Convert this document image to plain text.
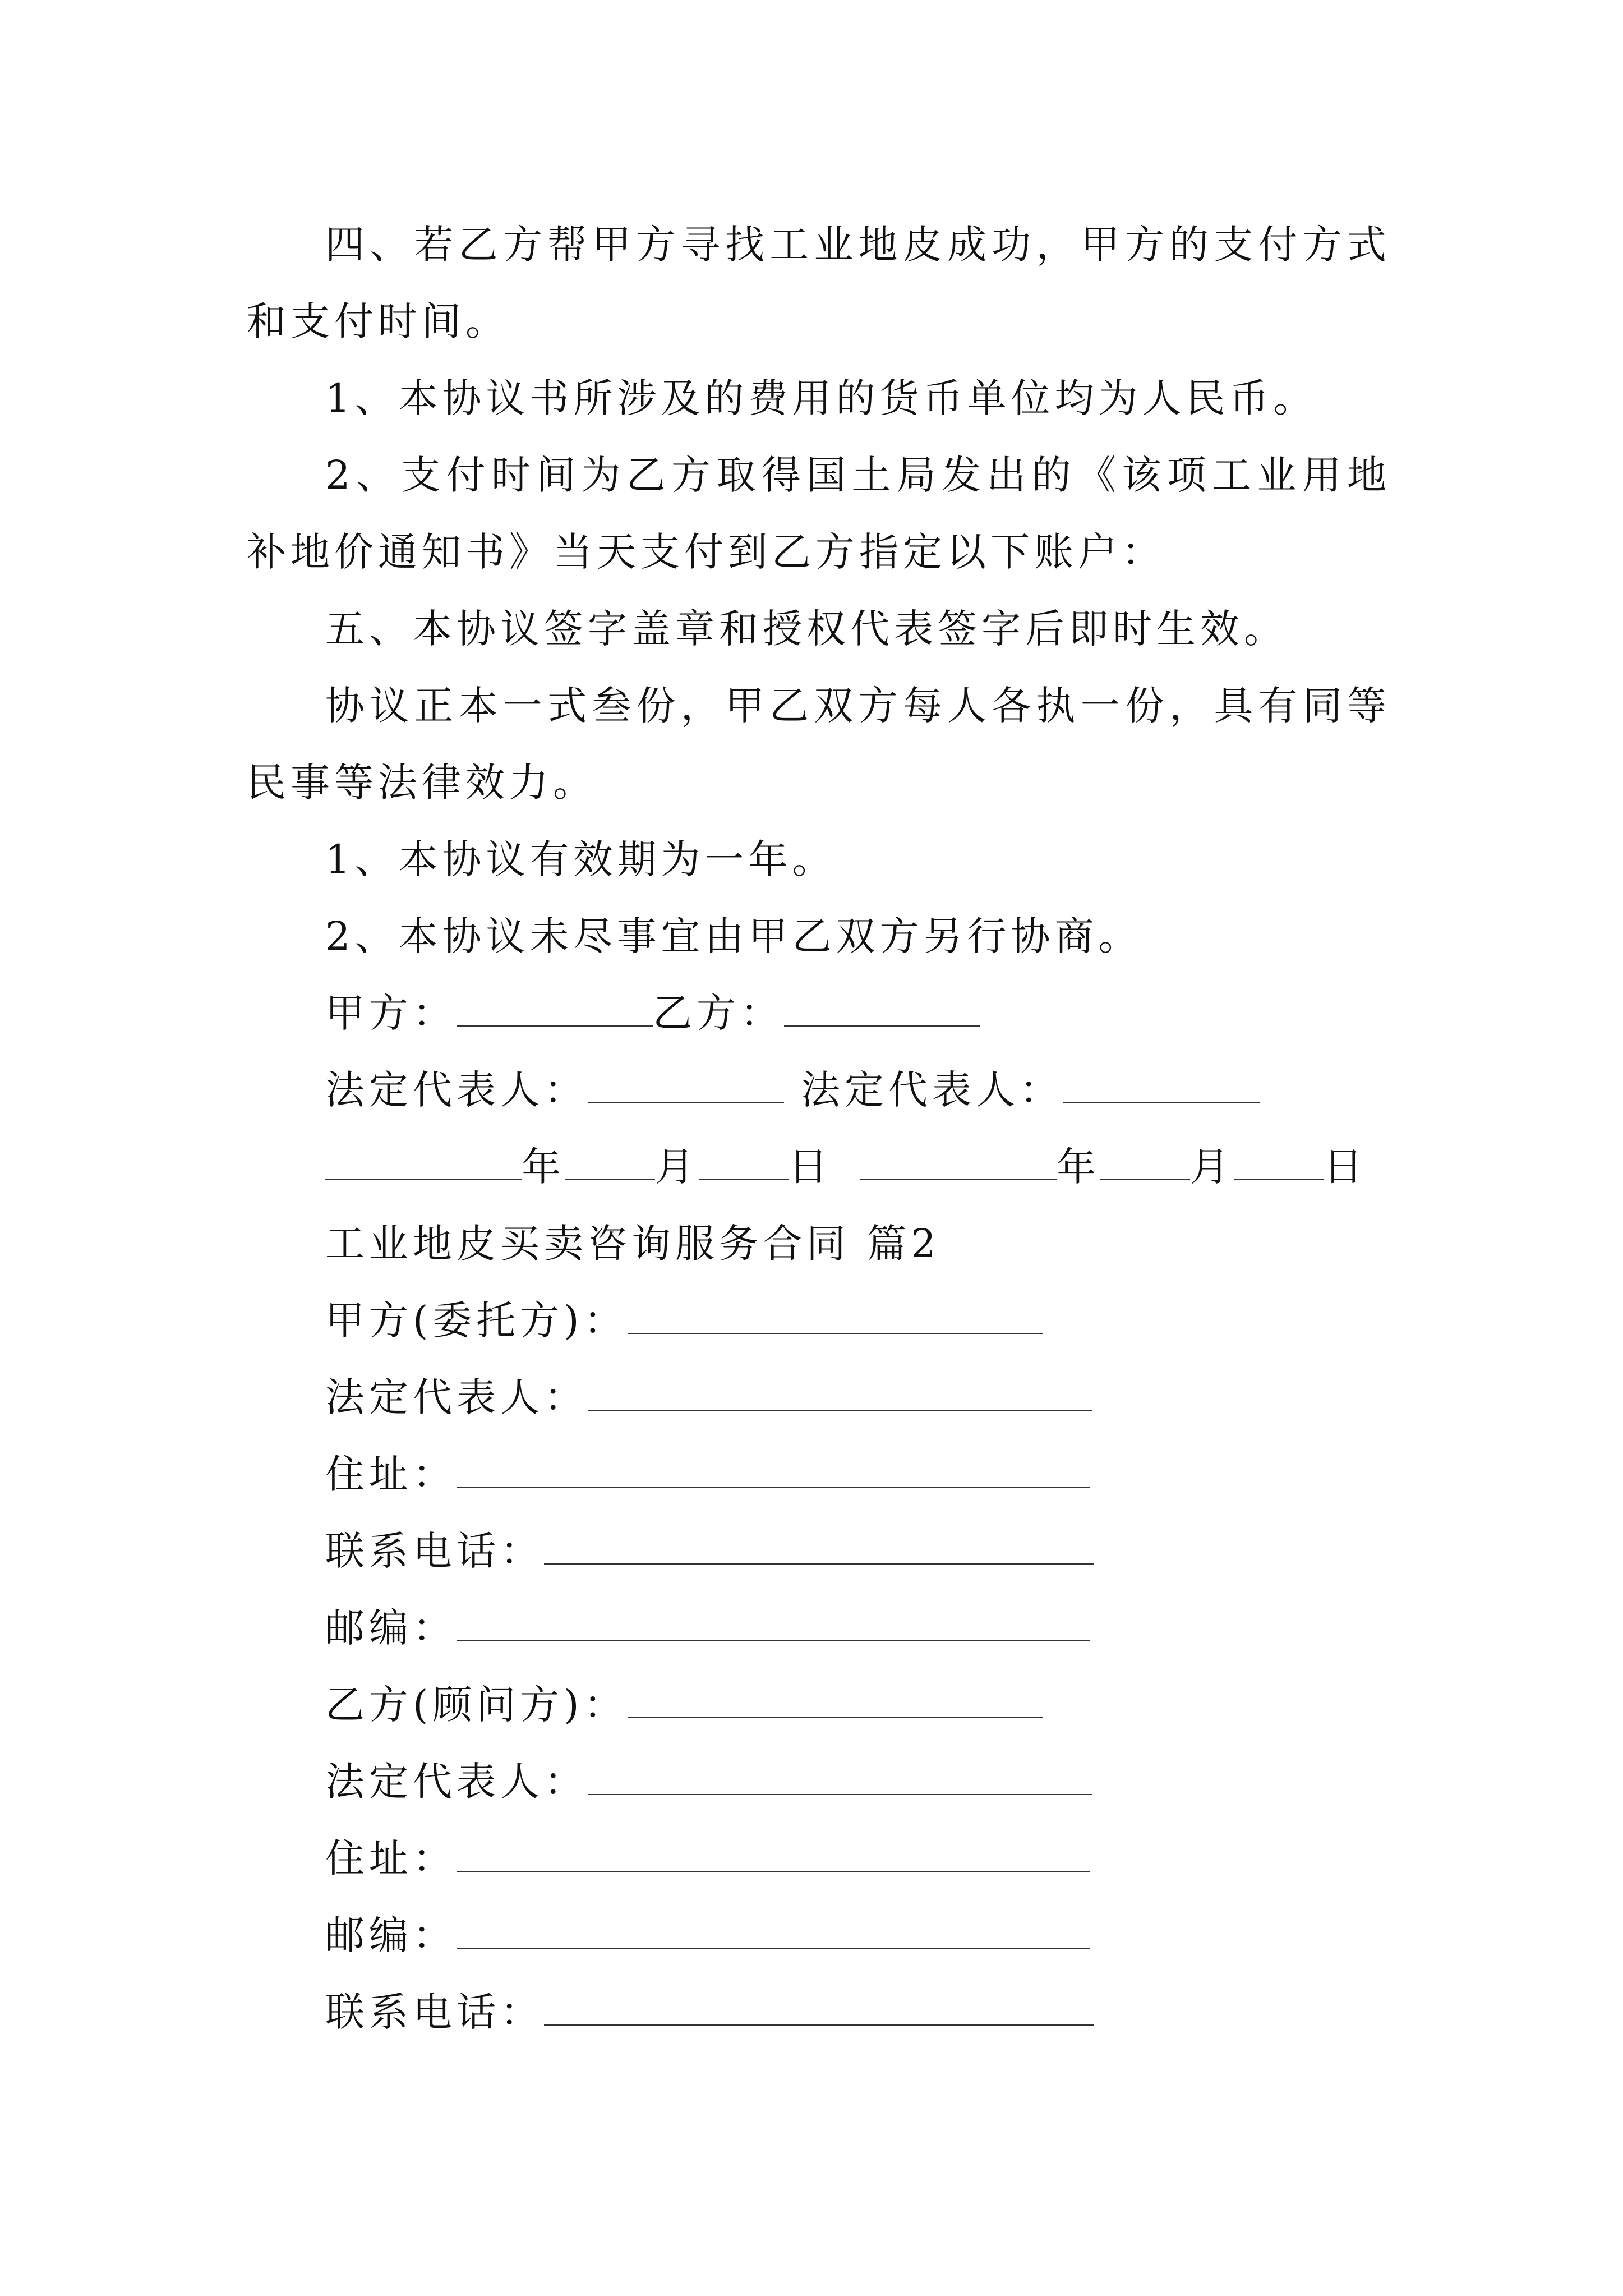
四、若乙方帮甲方寻找工业地皮成功，甲方的支付方式和支付时间。

1、本协议书所涉及的费用的货币单位均为人民币。

2、支付时间为乙方取得国土局发出的《该项工业用地补地价通知书》当天支付到乙方指定以下账户：

五、本协议签字盖章和授权代表签字后即时生效。

协议正本一式叁份，甲乙双方每人各执一份，具有同等民事等法律效力。

1、本协议有效期为一年。

2、本协议未尽事宜由甲乙双方另行协商。

甲方：	乙方：
法定代表人：	法定代表人：
年 月 日	年 月 日
工业地皮买卖咨询服务合同 篇2
甲方(委托方)：
法定代表人：
住址：
联系电话：
邮编：
乙方(顾问方)：
法定代表人：
住址：
邮编：
联系电话：
